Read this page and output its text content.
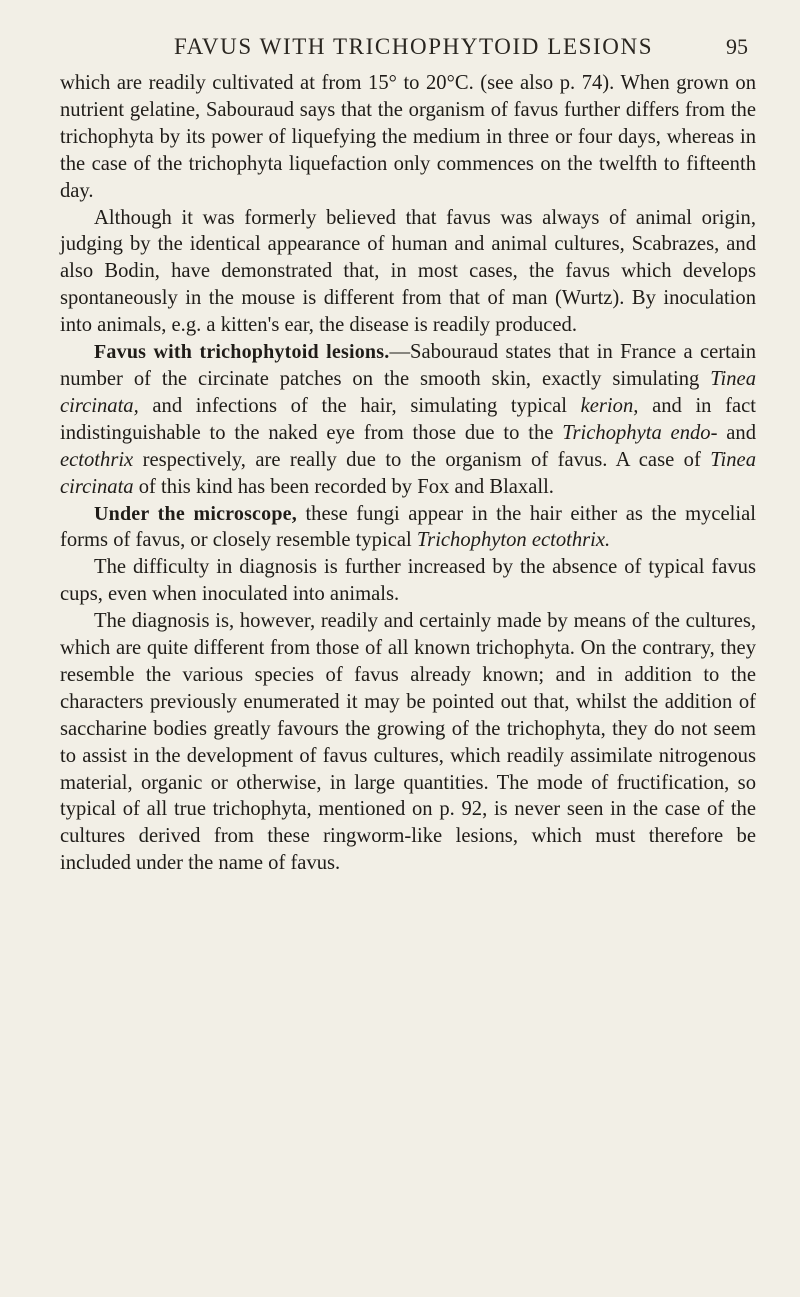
FAVUS WITH TRICHOPHYTOID LESIONS	95

which are readily cultivated at from 15° to 20°C. (see also p. 74). When grown on nutrient gelatine, Sabouraud says that the organism of favus further differs from the trichophyta by its power of liquefying the medium in three or four days, whereas in the case of the trichophyta liquefaction only commences on the twelfth to fifteenth day.

Although it was formerly believed that favus was always of animal origin, judging by the identical appearance of human and animal cultures, Scabrazes, and also Bodin, have demonstrated that, in most cases, the favus which develops spontaneously in the mouse is different from that of man (Wurtz). By inoculation into animals, e.g. a kitten's ear, the disease is readily produced.

Favus with trichophytoid lesions.—Sabouraud states that in France a certain number of the circinate patches on the smooth skin, exactly simulating Tinea circinata, and infections of the hair, simulating typical kerion, and in fact indistinguishable to the naked eye from those due to the Trichophyta endo- and ectothrix respectively, are really due to the organism of favus. A case of Tinea circinata of this kind has been recorded by Fox and Blaxall.

Under the microscope, these fungi appear in the hair either as the mycelial forms of favus, or closely resemble typical Trichophyton ectothrix.

The difficulty in diagnosis is further increased by the absence of typical favus cups, even when inoculated into animals.

The diagnosis is, however, readily and certainly made by means of the cultures, which are quite different from those of all known trichophyta. On the contrary, they resemble the various species of favus already known; and in addition to the characters previously enumerated it may be pointed out that, whilst the addition of saccharine bodies greatly favours the growing of the trichophyta, they do not seem to assist in the development of favus cultures, which readily assimilate nitrogenous material, organic or otherwise, in large quantities. The mode of fructification, so typical of all true trichophyta, mentioned on p. 92, is never seen in the case of the cultures derived from these ringworm-like lesions, which must therefore be included under the name of favus.
